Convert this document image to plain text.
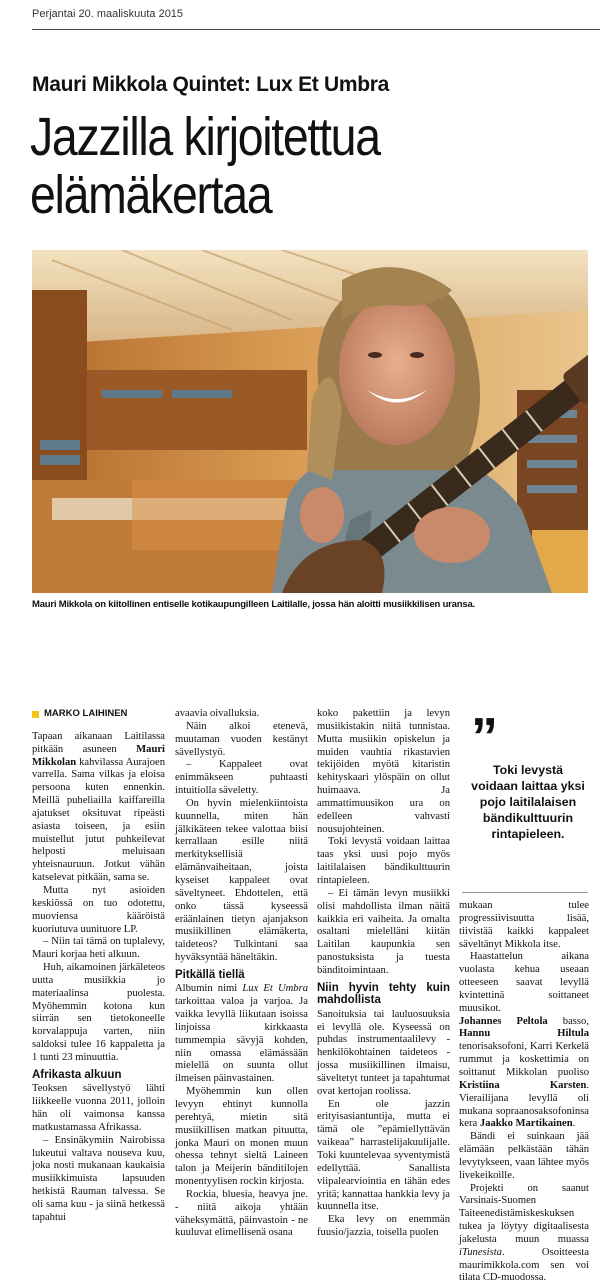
Perjantai 20. maaliskuuta 2015
Mauri Mikkola Quintet: Lux Et Umbra
Jazzilla kirjoitettua
elämäkertaa
Mauri Mikkola on kiitollinen entiselle kotikaupungilleen Laitilalle, jossa hän aloitti musiikkilisen uransa.
MARKO LAIHINEN

Tapaan aikanaan Laitilassa pitkään asuneen Mauri Mikkolan kahvilassa Aurajoen varrella. Sama vilkas ja eloisa persoona kuten ennenkin. Meillä puheliailla kaiffareilla ajatukset oksituvat ripeästi asiasta toiseen, ja esiin muistellut jutut puhkeilevat helposti meluisaan yhteisnauruun. Jotkut vähän katselevat pitkään, sama se.

Mutta nyt asioiden keskiössä on tuo odotettu, muoviensa kääröistä kuoriutuva uunituore LP.

– Niin tai tämä on tuplalevy, Mauri korjaa heti alkuun.

Huh, aikamoinen järkäleteos uutta musiikkia jo materiaalinsa puolesta. Myöhemmin kotona kun siirrän sen tietokoneelle korvalappuja varten, niin saldoksi tulee 16 kappaletta ja 1 tunti 23 minuuttia.

Afrikasta alkuun

Teoksen sävellystyö lähti liikkeelle vuonna 2011, jolloin hän oli vaimonsa kanssa matkustamassa Afrikassa.

– Ensinäkymiin Nairobissa lukeutui valtava nouseva kuu, joka nosti mukanaan kaukaisia musiikkimuista lapsuuden hetkistä Rauman talvessa. Se oli sama kuu - ja siinä hetkessä tapahtui

avaavia oivalluksia.

Näin alkoi etenevä, muutaman vuoden kestänyt sävellystyö.

– Kappaleet ovat enimmäkseen puhtaasti intuitiolla säveletty.

On hyvin mielenkiintoista kuunnella, miten hän jälkikäteen tekee valottaa biisi kerrallaan esille niitä merkityksellisiä elämänvaiheitaan, joista kyseiset kappaleet ovat säveltyneet. Ehdottelen, että onko tässä kyseessä eräänlainen tietyn ajanjakson musiikillinen elämäkerta, taideteos? Tulkintani saa hyväksyntää häneltäkin.

Pitkällä tiellä

Albumin nimi Lux Et Umbra tarkoittaa valoa ja varjoa. Ja vaikka levyllä liikutaan isoissa linjoissa kirkkaasta tummempia sävyjä kohden, niin omassa elämässään mielellä on suunta ollut ilmeisen päinvastainen.

Myöhemmin kun ollen levyyn ehtinyt kunnolla perehtyä, mietin sitä musiikillisen matkan pituutta, jonka Mauri on monen muun ohessa tehnyt sieltä Laineen talon ja Meijerin bänditilojen monentyylisen rockin kirjosta.

Rockia, bluesia, heavya jne. - niitä aikoja yhtään väheksymättä, päinvastoin - ne kuuluvat elimellisenä osana

koko pakettiin ja levyn musiikistakin niitä tunnistaa. Mutta musiikin opiskelun ja muiden vauhtia rikastavien tekijöiden myötä kitaristin kehityskaari ylöspäin on ollut huimaava. Ja ammattimuusikon ura on edelleen vahvasti nousujohteinen.

Toki levystä voidaan laittaa taas yksi uusi pojo myös laitilalaisen bändikulttuurin rintapieleen.

– Ei tämän levyn musiikki olisi mahdollista ilman näitä kaikkia eri vaiheita. Ja omalta osaltani mielelläni kiitän Laitilan kaupunkia sen panostuksista ja tuesta bänditoimintaan.

Niin hyvin tehty kuin mahdollista

Sanoituksia tai lauluosuuksia ei levyllä ole. Kyseessä on puhdas instrumentaalilevy - henkilökohtainen taideteos - jossa musiikillinen ilmaisu, säveltetyt tunteet ja tapahtumat ovat kertojan roolissa.

En ole jazzin erityisasiantuntija, mutta ei tämä ole ”epämiellyttävän vaikeaa” harrastelijakuulijalle. Toki kuuntelevaa syventymistä edellyttää. Sanallista viipalearviointia en tähän edes yritä; kannattaa hankkia levy ja kuunnella itse.

Eka levy on enemmän fuusio/jazzia, toisella puolen

”
Toki levystä voidaan laittaa yksi pojo laitilalaisen bändikulttuurin rintapieleen.

mukaan tulee progressiivisuutta lisää, tiivistää kaikki kappaleet säveltänyt Mikkola itse.

Haastattelun aikana vuolasta kehua useaan otteeseen saavat levyllä kvintettinä soittaneet muusikot.

Johannes Peltola basso, Hannu Hiltula tenorisaksofoni, Karri Kerkelä rummut ja koskettimia on soittanut Mikkolan puoliso Kristiina Karsten. Vierailijana levyllä oli mukana sopraanosaksofoninsa kera Jaakko Martikainen.

Bändi ei suinkaan jää elämään pelkästään tähän levytykseen, vaan lähtee myös livekeikoille.

Projekti on saanut Varsinais-Suomen Taiteenedistämiskeskuksen tukea ja löytyy digitaalisesta jakelusta muun muassa iTunesista. Osoitteesta maurimikkola.com sen voi tilata CD-muodossa.
